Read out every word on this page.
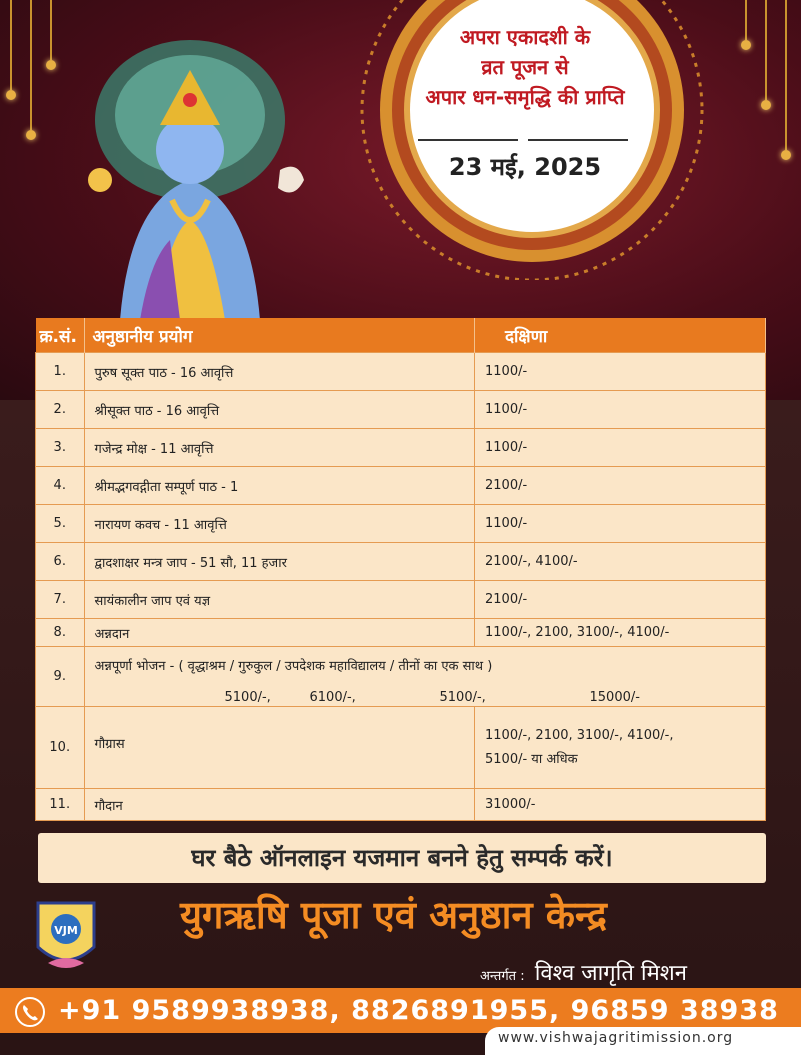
अपरा एकादशी के
व्रत पूजन से
अपार धन-समृद्धि की प्राप्ति
23 मई, 2025
क्र.सं.	अनुष्ठानीय प्रयोग	दक्षिणा
1.	पुरुष सूक्त पाठ - 16 आवृत्ति	1100/-
2.	श्रीसूक्त पाठ - 16 आवृत्ति	1100/-
3.	गजेन्द्र मोक्ष - 11 आवृत्ति	1100/-
4.	श्रीमद्भगवद्गीता सम्पूर्ण पाठ - 1	2100/-
5.	नारायण कवच - 11 आवृत्ति	1100/-
6.	द्वादशाक्षर मन्त्र जाप - 51 सौ, 11 हजार	2100/-, 4100/-
7.	सायंकालीन जाप एवं यज्ञ	2100/-
8.	अन्नदान	1100/-, 2100, 3100/-, 4100/-
9.	अन्नपूर्णा भोजन - ( वृद्धाश्रम / गुरुकुल / उपदेशक महाविद्यालय / तीनों का एक साथ )
5100/-, 6100/-, 5100/-, 15000/-	

10.	गौग्रास	1100/-, 2100, 3100/-, 4100/-,
5100/- या अधिक

11.	गौदान	31000/-
घर बैठे ऑनलाइन यजमान बनने हेतु सम्पर्क करें।
VJM	युगऋषि पूजा एवं अनुष्ठान केन्द्र
अन्तर्गत : विश्व जागृति मिशन
+91 9589938938, 8826891955, 96859 38938
www.vishwajagritimission.org
